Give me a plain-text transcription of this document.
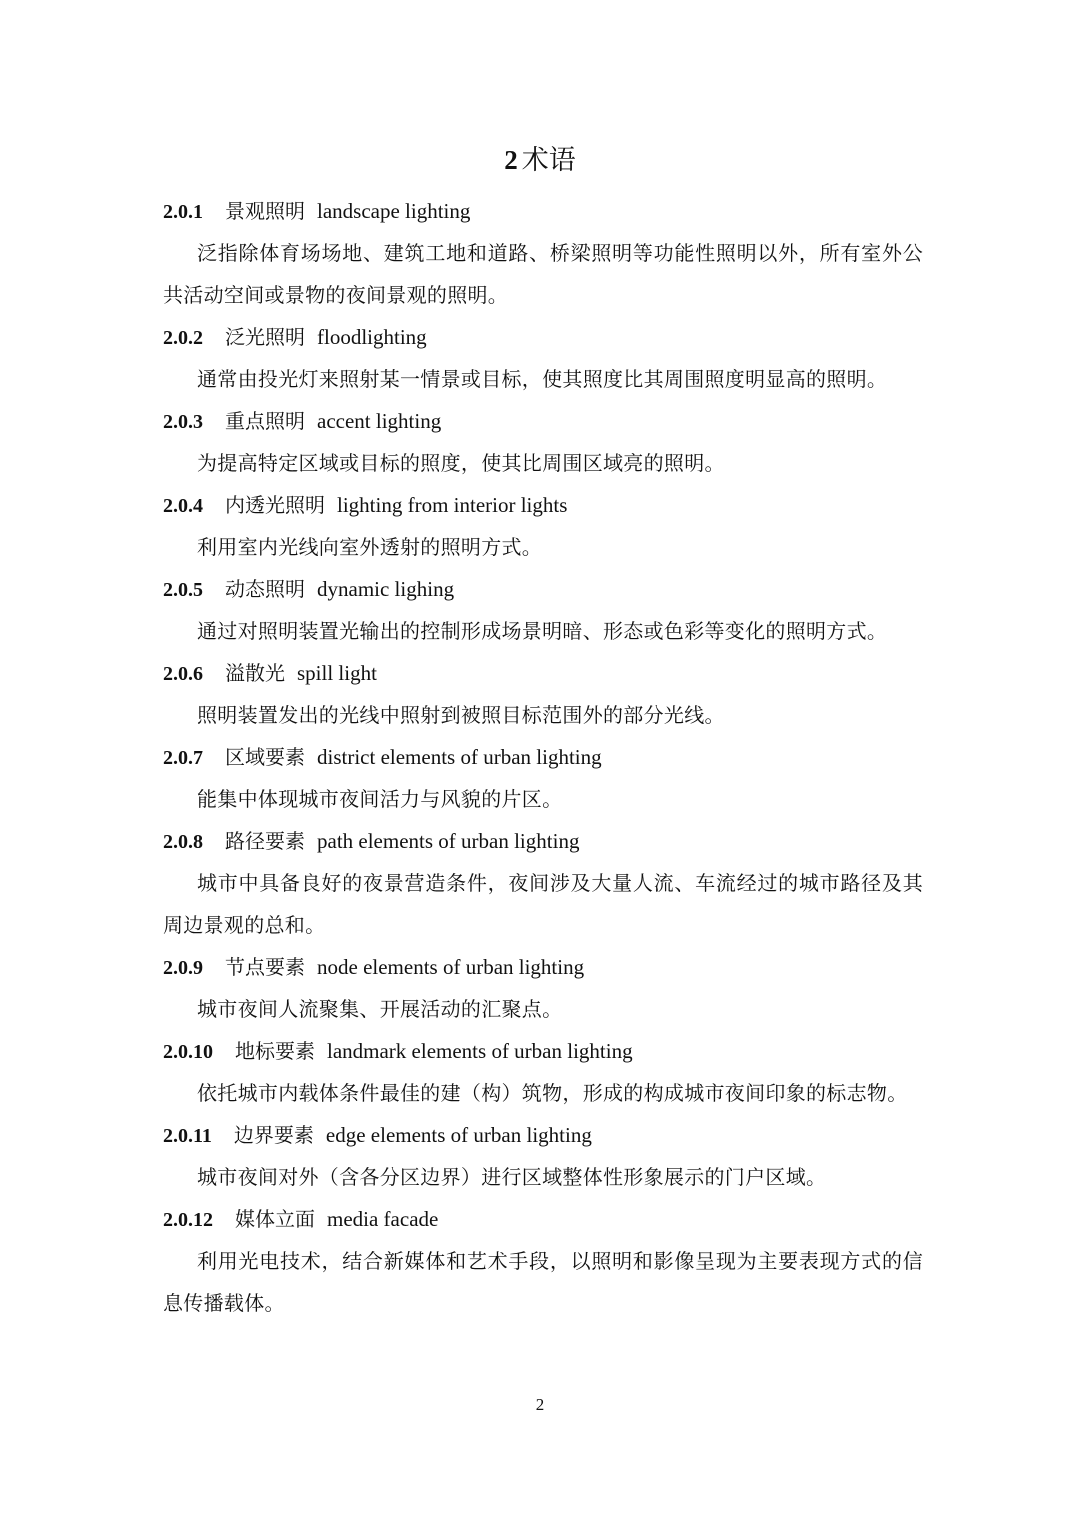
2 术语
2.0.1 景观照明 landscape lighting
泛指除体育场场地、建筑工地和道路、桥梁照明等功能性照明以外，所有室外公共活动空间或景物的夜间景观的照明。
2.0.2 泛光照明 floodlighting
通常由投光灯来照射某一情景或目标，使其照度比其周围照度明显高的照明。
2.0.3 重点照明 accent lighting
为提高特定区域或目标的照度，使其比周围区域亮的照明。
2.0.4 内透光照明 lighting from interior lights
利用室内光线向室外透射的照明方式。
2.0.5 动态照明 dynamic lighing
通过对照明装置光输出的控制形成场景明暗、形态或色彩等变化的照明方式。
2.0.6 溢散光 spill light
照明装置发出的光线中照射到被照目标范围外的部分光线。
2.0.7 区域要素 district elements of urban lighting
能集中体现城市夜间活力与风貌的片区。
2.0.8 路径要素 path elements of urban lighting
城市中具备良好的夜景营造条件，夜间涉及大量人流、车流经过的城市路径及其周边景观的总和。
2.0.9 节点要素 node elements of urban lighting
城市夜间人流聚集、开展活动的汇聚点。
2.0.10 地标要素 landmark elements of urban lighting
依托城市内载体条件最佳的建（构）筑物，形成的构成城市夜间印象的标志物。
2.0.11 边界要素 edge elements of urban lighting
城市夜间对外（含各分区边界）进行区域整体性形象展示的门户区域。
2.0.12 媒体立面 media facade
利用光电技术，结合新媒体和艺术手段，以照明和影像呈现为主要表现方式的信息传播载体。
2
